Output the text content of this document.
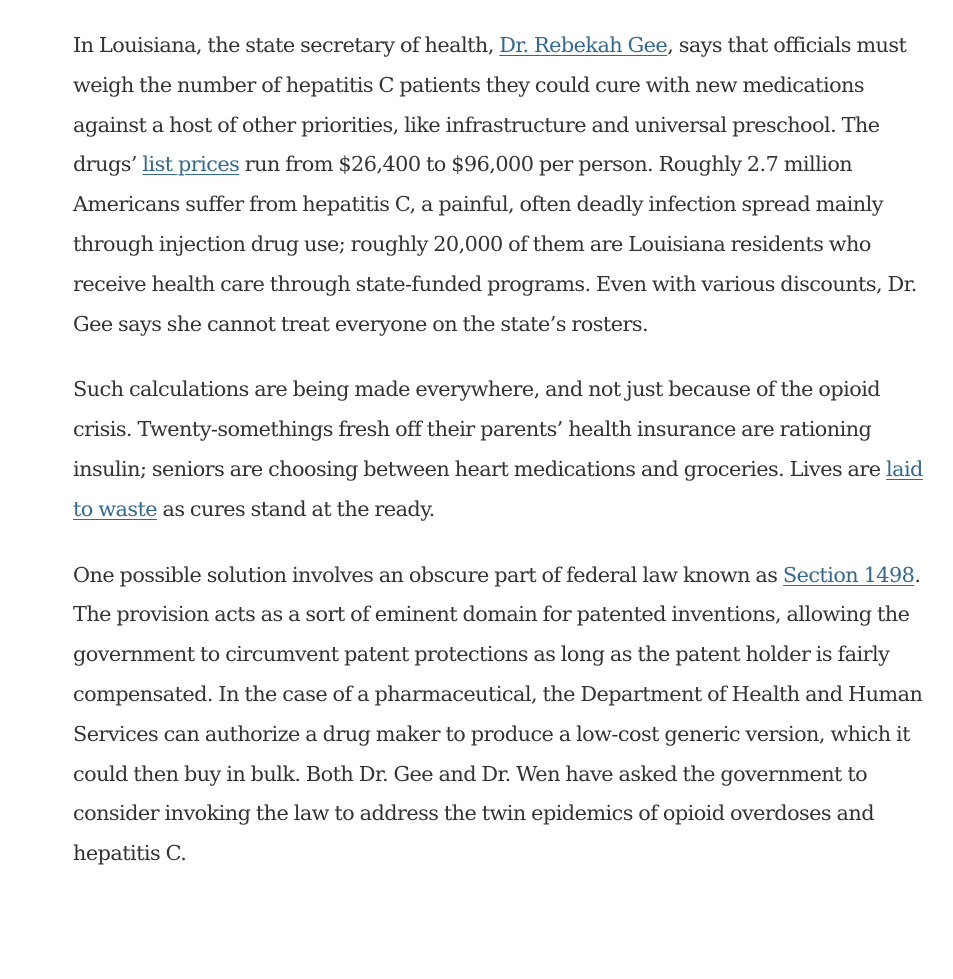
In Louisiana, the state secretary of health, Dr. Rebekah Gee, says that officials must weigh the number of hepatitis C patients they could cure with new medications against a host of other priorities, like infrastructure and universal preschool. The drugs’ list prices run from $26,400 to $96,000 per person. Roughly 2.7 million Americans suffer from hepatitis C, a painful, often deadly infection spread mainly through injection drug use; roughly 20,000 of them are Louisiana residents who receive health care through state-funded programs. Even with various discounts, Dr. Gee says she cannot treat everyone on the state’s rosters.

Such calculations are being made everywhere, and not just because of the opioid crisis. Twenty-somethings fresh off their parents’ health insurance are rationing insulin; seniors are choosing between heart medications and groceries. Lives are laid to waste as cures stand at the ready.

One possible solution involves an obscure part of federal law known as Section 1498. The provision acts as a sort of eminent domain for patented inventions, allowing the government to circumvent patent protections as long as the patent holder is fairly compensated. In the case of a pharmaceutical, the Department of Health and Human Services can authorize a drug maker to produce a low-cost generic version, which it could then buy in bulk. Both Dr. Gee and Dr. Wen have asked the government to consider invoking the law to address the twin epidemics of opioid overdoses and hepatitis C.
